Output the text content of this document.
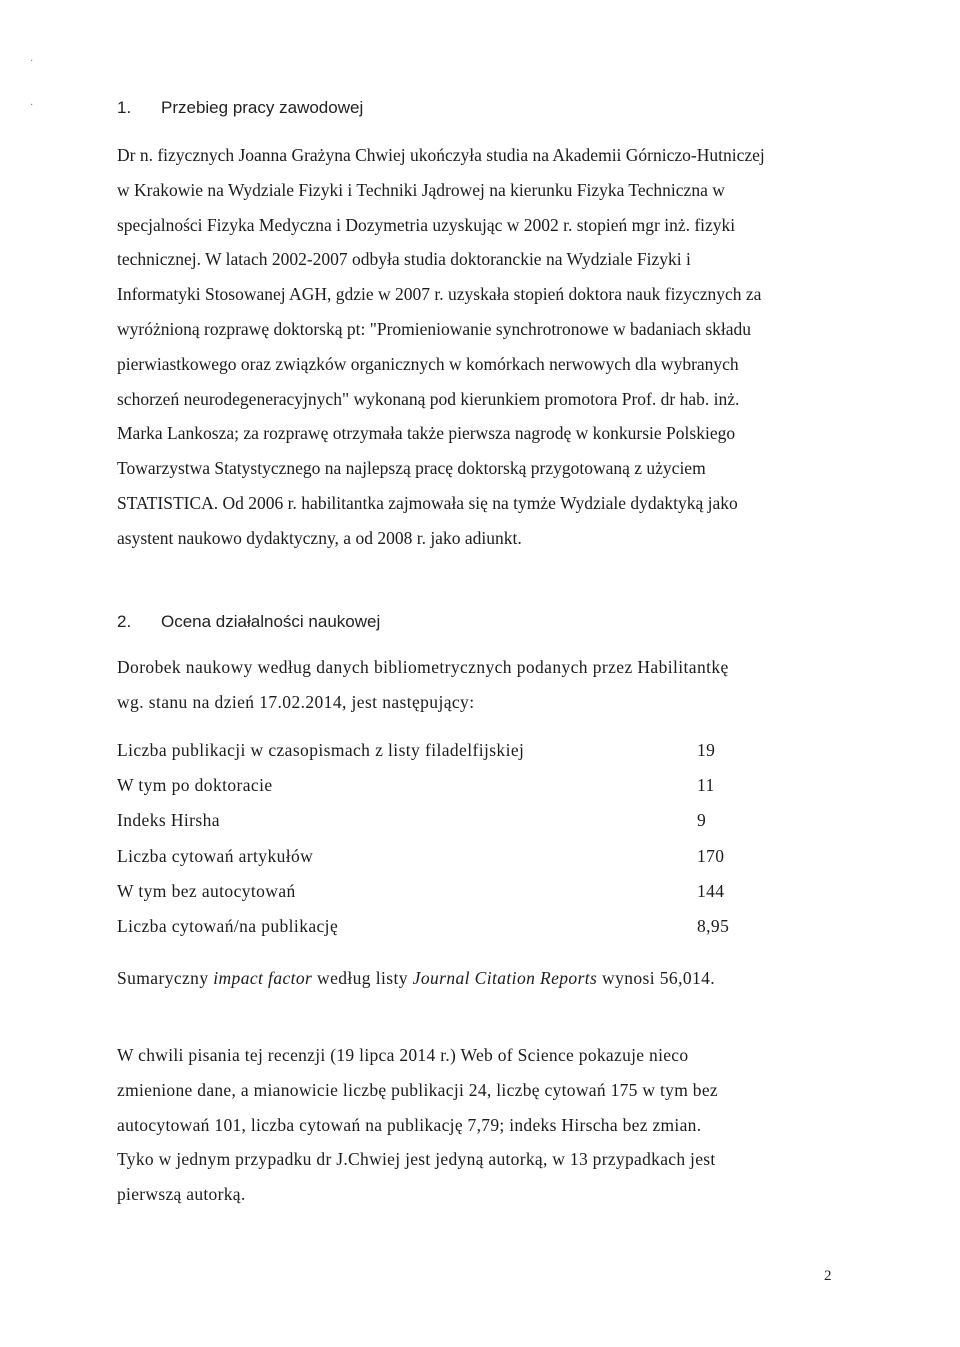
·
·	1. Przebieg pracy zawodowej

Dr n. fizycznych Joanna Grażyna Chwiej ukończyła studia na Akademii Górniczo-Hutniczej
w Krakowie na Wydziale Fizyki i Techniki Jądrowej na kierunku Fizyka Techniczna w
specjalności Fizyka Medyczna i Dozymetria uzyskując w 2002 r. stopień mgr inż. fizyki
technicznej. W latach 2002-2007 odbyła studia doktoranckie na Wydziale Fizyki i
Informatyki Stosowanej AGH, gdzie w 2007 r. uzyskała stopień doktora nauk fizycznych za
wyróżnioną rozprawę doktorską pt: "Promieniowanie synchrotronowe w badaniach składu
pierwiastkowego oraz związków organicznych w komórkach nerwowych dla wybranych
schorzeń neurodegeneracyjnych" wykonaną pod kierunkiem promotora Prof. dr hab. inż.
Marka Lankosza; za rozprawę otrzymała także pierwsza nagrodę w konkursie Polskiego
Towarzystwa Statystycznego na najlepszą pracę doktorską przygotowaną z użyciem
STATISTICA. Od 2006 r. habilitantka zajmowała się na tymże Wydziale dydaktyką jako
asystent naukowo dydaktyczny, a od 2008 r. jako adiunkt.

2. Ocena działalności naukowej

Dorobek naukowy według danych bibliometrycznych podanych przez Habilitantkę
wg. stanu na dzień 17.02.2014, jest następujący:

Liczba publikacji w czasopismach z listy filadelfijskiej	19
W tym po doktoracie	11
Indeks Hirsha	9
Liczba cytowań artykułów	170
W tym bez autocytowań	144
Liczba cytowań/na publikację	8,95
Sumaryczny impact factor według listy Journal Citation Reports wynosi 56,014.

W chwili pisania tej recenzji (19 lipca 2014 r.) Web of Science pokazuje nieco
zmienione dane, a mianowicie liczbę publikacji 24, liczbę cytowań 175 w tym bez
autocytowań 101, liczba cytowań na publikację 7,79; indeks Hirscha bez zmian.
Tyko w jednym przypadku dr J.Chwiej jest jedyną autorką, w 13 przypadkach jest
pierwszą autorką.

2
